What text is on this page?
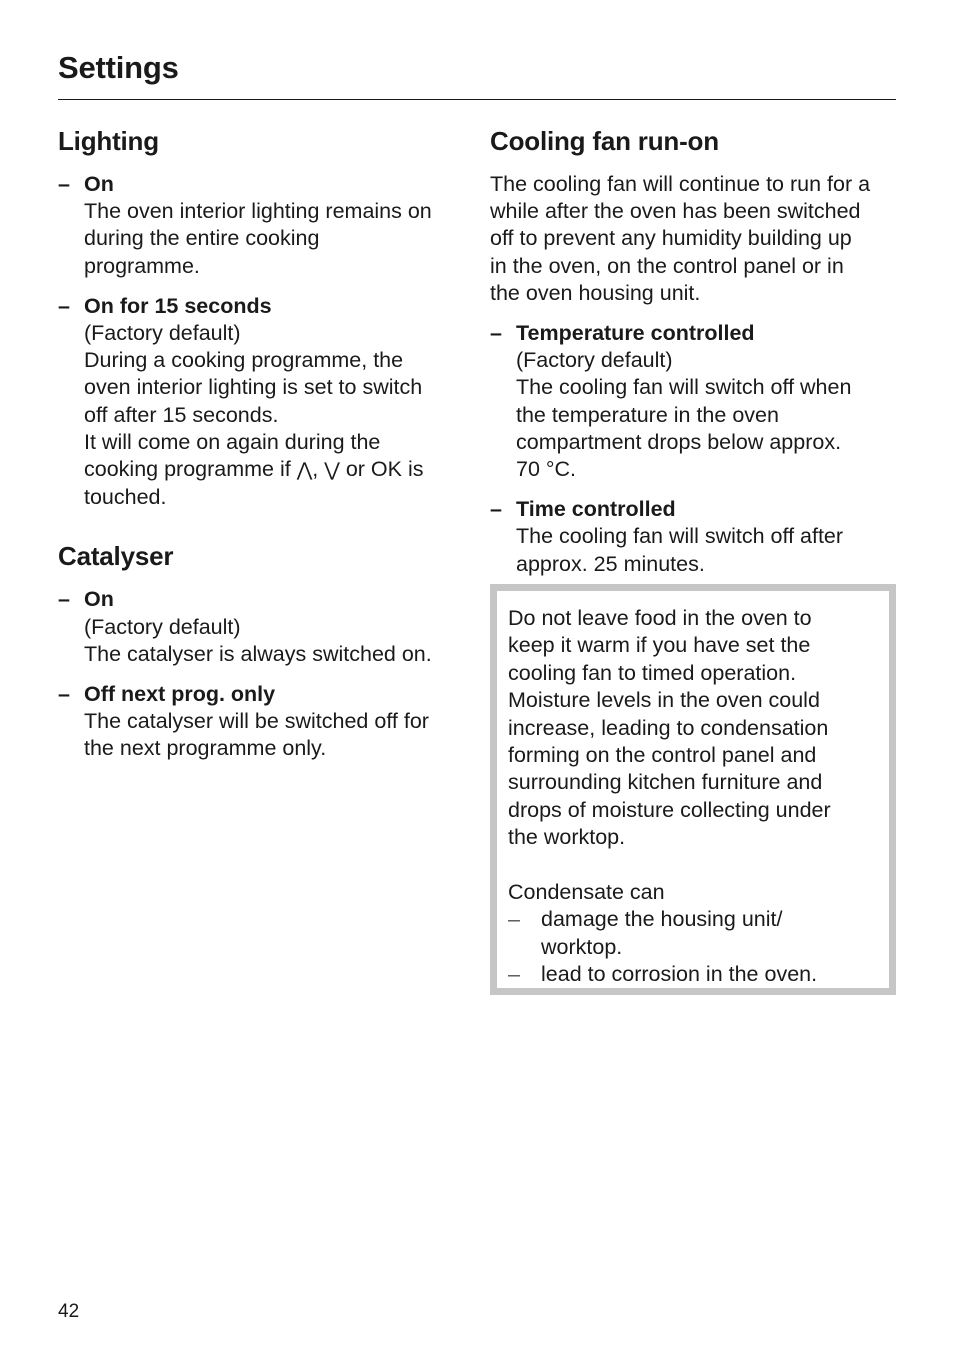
Settings
Lighting
– On
The oven interior lighting remains on
during the entire cooking
programme.
– On for 15 seconds
(Factory default)
During a cooking programme, the
oven interior lighting is set to switch
off after 15 seconds.
It will come on again during the
cooking programme if ⋀, ⋁ or OK is
touched.
Catalyser
– On
(Factory default)
The catalyser is always switched on.
– Off next prog. only
The catalyser will be switched off for
the next programme only.
Cooling fan run-on

The cooling fan will continue to run for a
while after the oven has been switched
off to prevent any humidity building up
in the oven, on the control panel or in
the oven housing unit.

– Temperature controlled
(Factory default)
The cooling fan will switch off when
the temperature in the oven
compartment drops below approx.
70 °C.
– Time controlled
The cooling fan will switch off after
approx. 25 minutes.

Do not leave food in the oven to
keep it warm if you have set the
cooling fan to timed operation.
Moisture levels in the oven could
increase, leading to condensation
forming on the control panel and
surrounding kitchen furniture and
drops of moisture collecting under
the worktop.

Condensate can

– damage the housing unit/
worktop.
– lead to corrosion in the oven.
42
